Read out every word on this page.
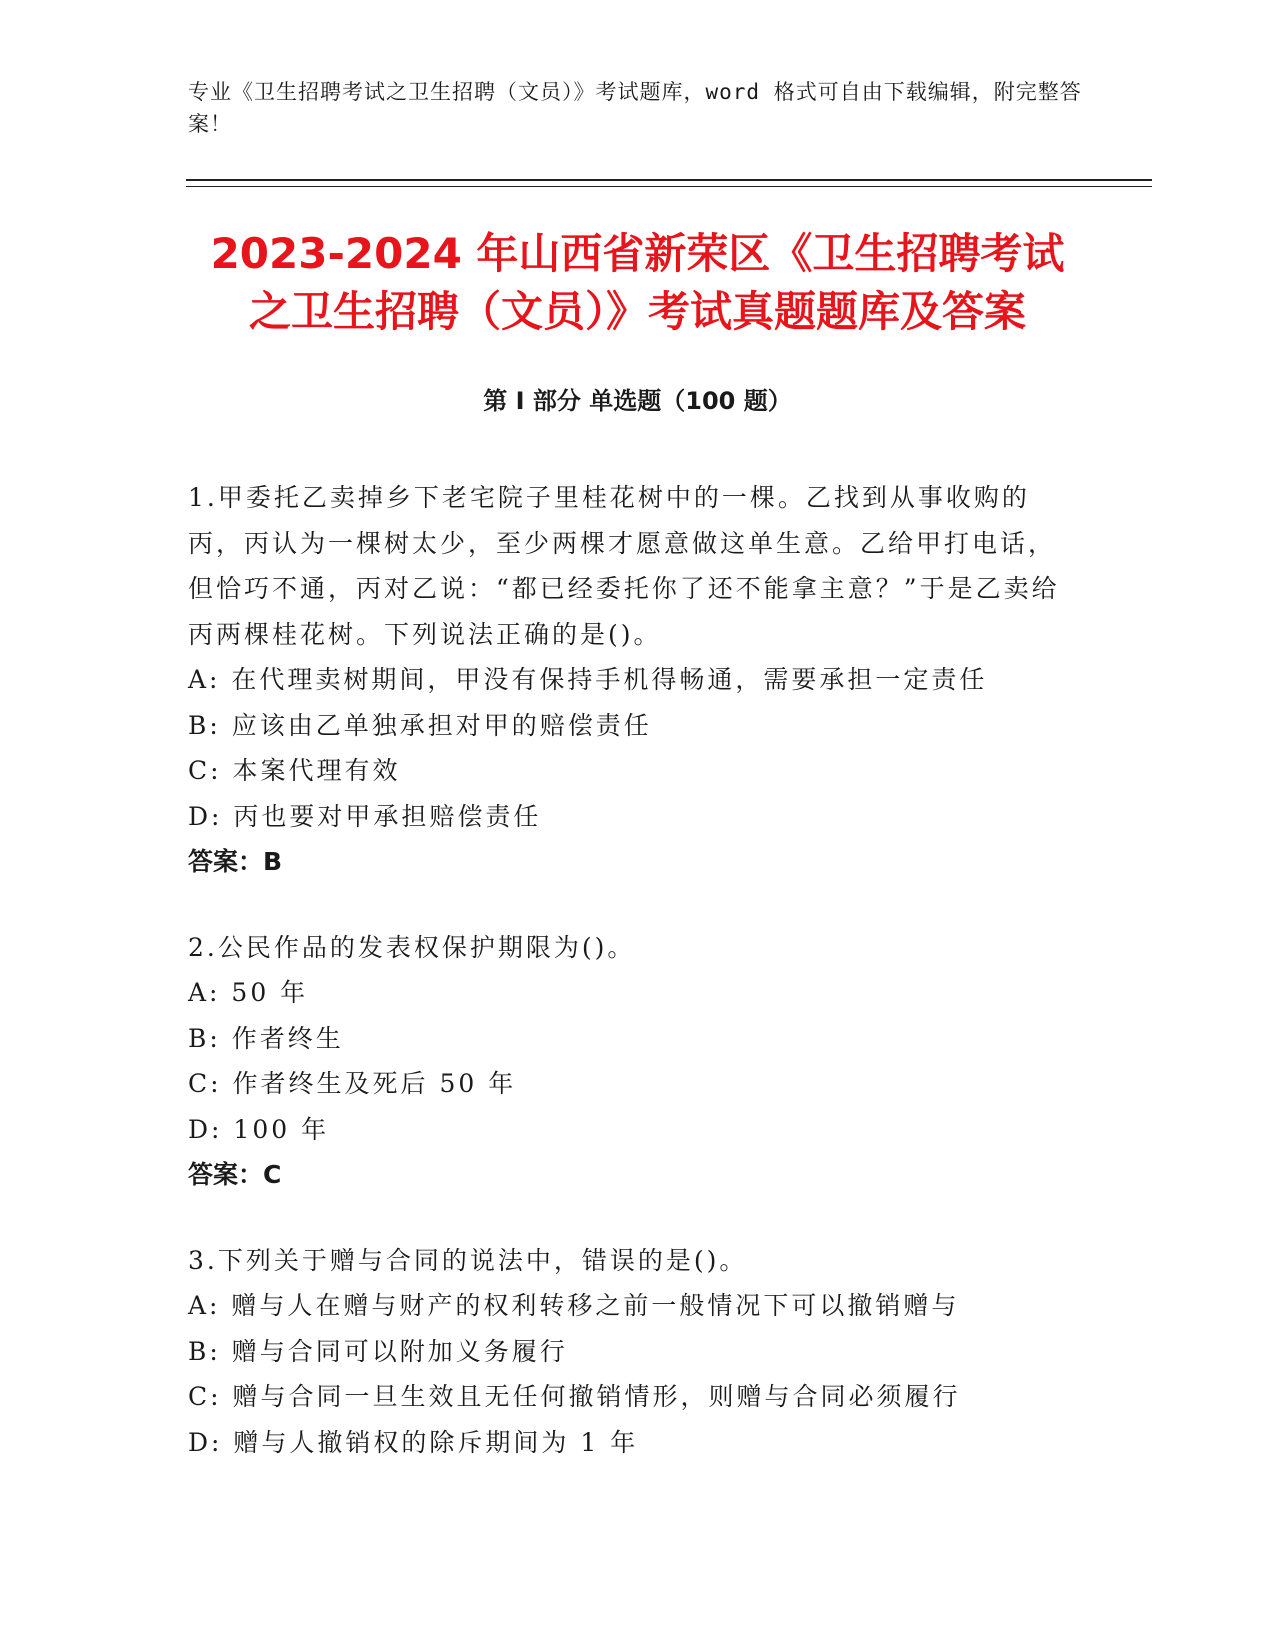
专业《卫生招聘考试之卫生招聘（文员）》考试题库，word 格式可自由下载编辑，附完整答案！
2023-2024 年山西省新荣区《卫生招聘考试
之卫生招聘（文员）》考试真题题库及答案
第 I 部分 单选题（100 题）

1.甲委托乙卖掉乡下老宅院子里桂花树中的一棵。乙找到从事收购的丙，丙认为一棵树太少，至少两棵才愿意做这单生意。乙给甲打电话，但恰巧不通，丙对乙说：“都已经委托你了还不能拿主意？”于是乙卖给丙两棵桂花树。下列说法正确的是()。

A: 在代理卖树期间，甲没有保持手机得畅通，需要承担一定责任

B: 应该由乙单独承担对甲的赔偿责任

C: 本案代理有效

D: 丙也要对甲承担赔偿责任

答案：B

2.公民作品的发表权保护期限为()。

A: 50 年

B: 作者终生

C: 作者终生及死后 50 年

D: 100 年

答案：C

3.下列关于赠与合同的说法中，错误的是()。

A: 赠与人在赠与财产的权利转移之前一般情况下可以撤销赠与

B: 赠与合同可以附加义务履行

C: 赠与合同一旦生效且无任何撤销情形，则赠与合同必须履行

D: 赠与人撤销权的除斥期间为 1 年
